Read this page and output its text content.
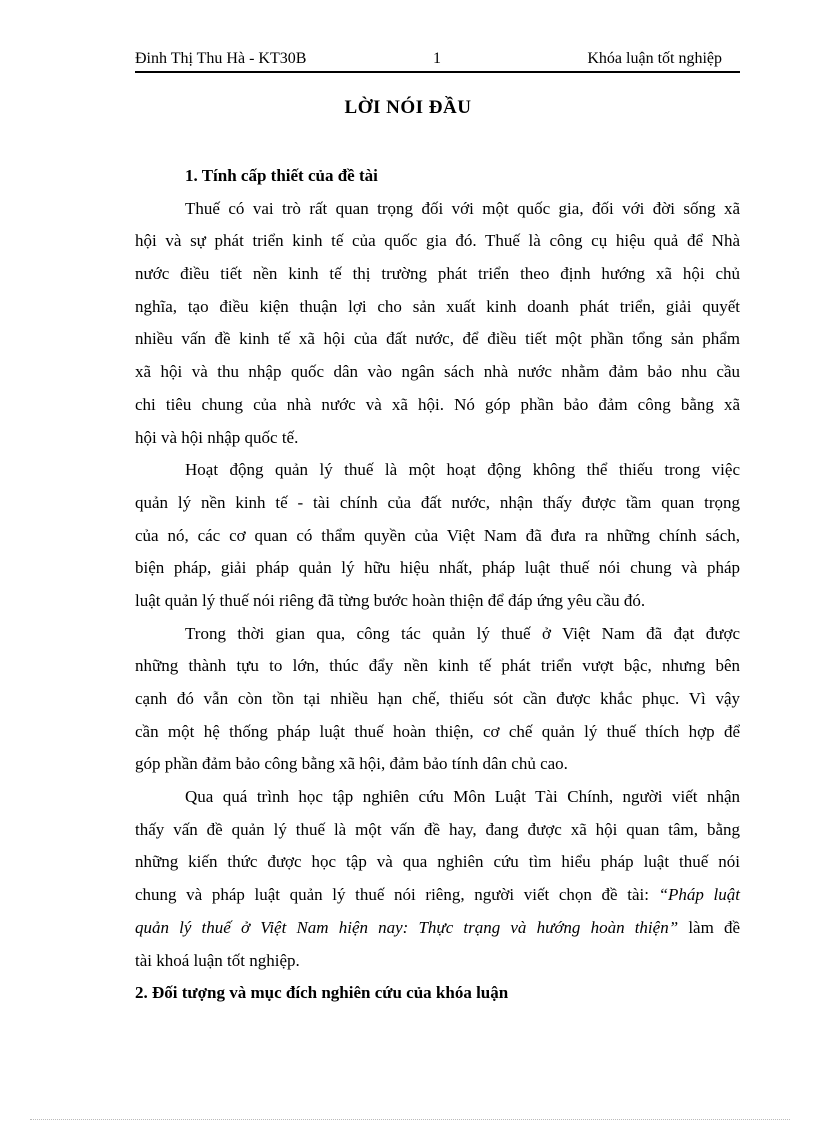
Đinh Thị Thu Hà - KT30B	1	Khóa luận tốt nghiệp
LỜI NÓI ĐẦU
1. Tính cấp thiết của đề tài
Thuế có vai trò rất quan trọng đối với một quốc gia, đối với đời sống xã
hội và sự phát triển kinh tế của quốc gia đó. Thuế là công cụ hiệu quả để Nhà
nước điều tiết nền kinh tế thị trường phát triển theo định hướng xã hội chủ
nghĩa, tạo điều kiện thuận lợi cho sản xuất kinh doanh phát triển, giải quyết
nhiều vấn đề kinh tế xã hội của đất nước, để điều tiết một phần tổng sản phẩm
xã hội và thu nhập quốc dân vào ngân sách nhà nước nhằm đảm bảo nhu cầu
chi tiêu chung của nhà nước và xã hội. Nó góp phần bảo đảm công bằng xã
hội và hội nhập quốc tế.
Hoạt động quản lý thuế là một hoạt động không thể thiếu trong việc
quản lý nền kinh tế - tài chính của đất nước, nhận thấy được tầm quan trọng
của nó, các cơ quan có thẩm quyền của Việt Nam đã đưa ra những chính sách,
biện pháp, giải pháp quản lý hữu hiệu nhất, pháp luật thuế nói chung và pháp
luật quản lý thuế nói riêng đã từng bước hoàn thiện để đáp ứng yêu cầu đó.
Trong thời gian qua, công tác quản lý thuế ở Việt Nam đã đạt được
những thành tựu to lớn, thúc đẩy nền kinh tế phát triển vượt bậc, nhưng bên
cạnh đó vẫn còn tồn tại nhiều hạn chế, thiếu sót cần được khắc phục. Vì vậy
cần một hệ thống pháp luật thuế hoàn thiện, cơ chế quản lý thuế thích hợp để
góp phần đảm bảo công bằng xã hội, đảm bảo tính dân chủ cao.
Qua quá trình học tập nghiên cứu Môn Luật Tài Chính, người viết nhận
thấy vấn đề quản lý thuế là một vấn đề hay, đang được xã hội quan tâm, bằng
những kiến thức được học tập và qua nghiên cứu tìm hiểu pháp luật thuế nói
chung và pháp luật quản lý thuế nói riêng, người viết chọn đề tài: “Pháp luật
quản lý thuế ở Việt Nam hiện nay: Thực trạng và hướng hoàn thiện” làm đề
tài khoá luận tốt nghiệp.
2. Đối tượng và mục đích nghiên cứu của khóa luận
